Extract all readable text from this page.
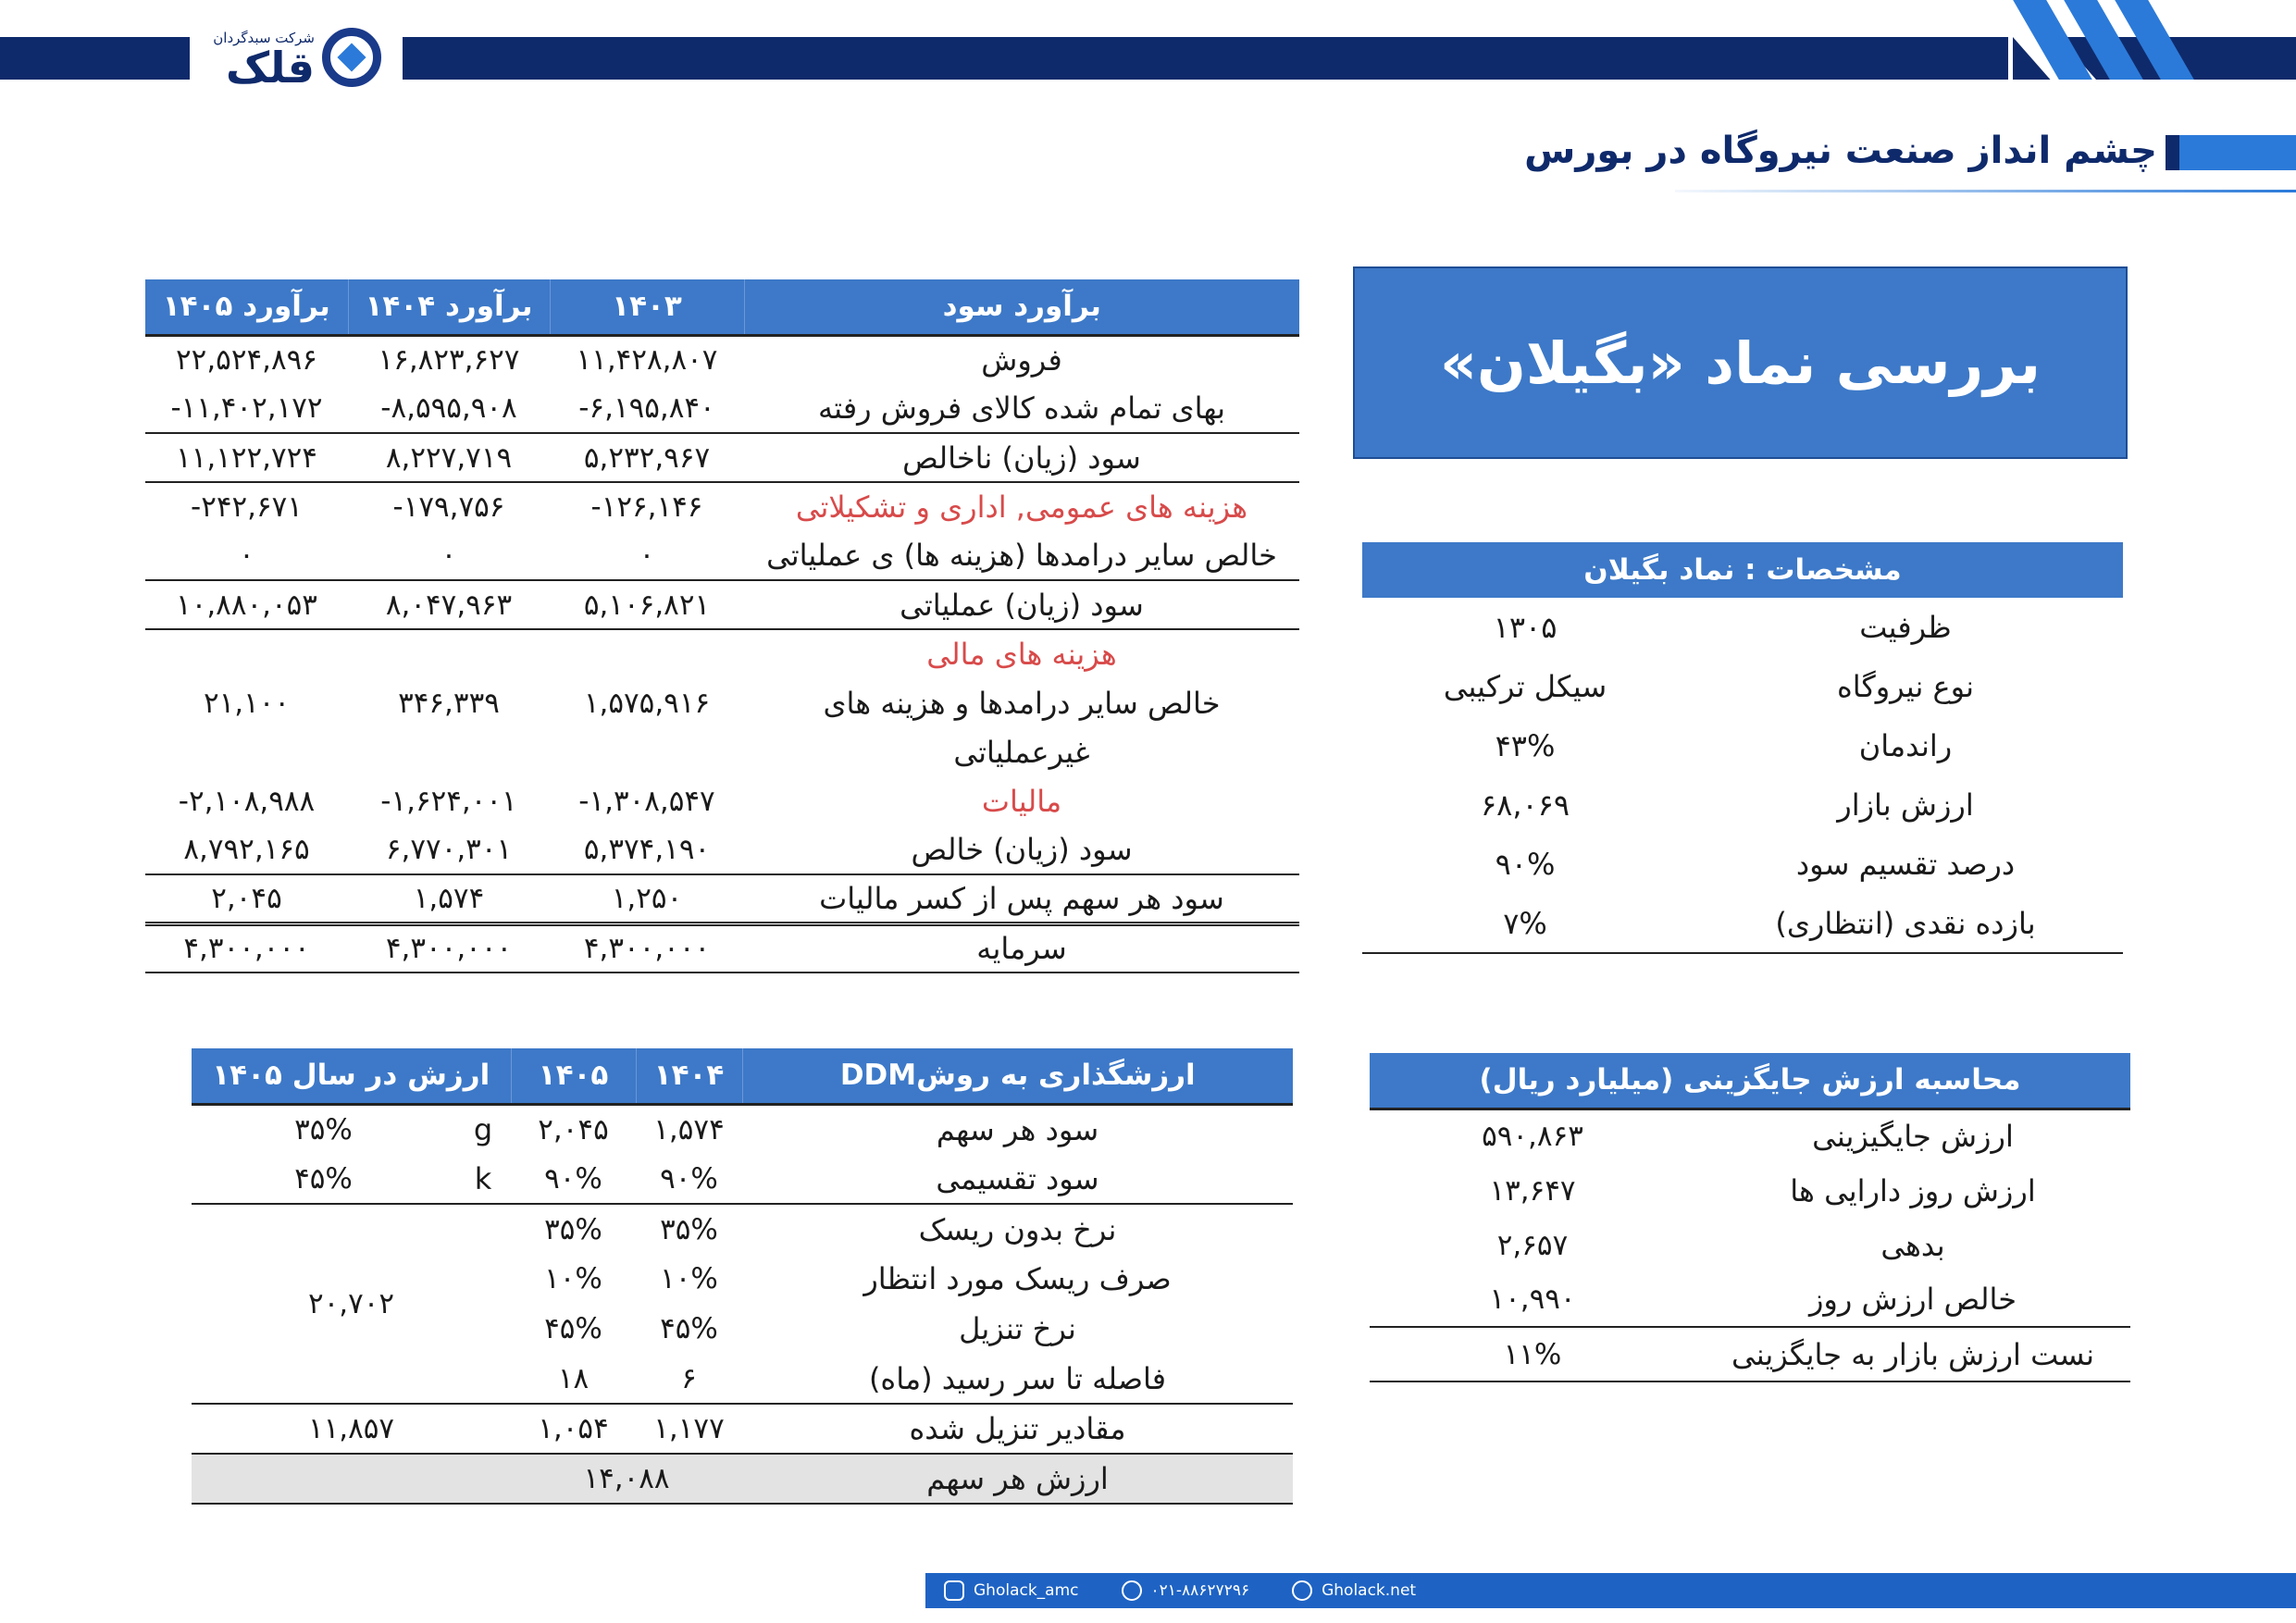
شرکت سبدگردان
قلک
چشم انداز صنعت نیروگاه در بورس
بررسی نماد «بگیلان»
برآورد سود	۱۴۰۳	برآورد ۱۴۰۴	برآورد ۱۴۰۵
فروش	۱۱,۴۲۸,۸۰۷	۱۶,۸۲۳,۶۲۷	۲۲,۵۲۴,۸۹۶
بهای تمام شده کالای فروش رفته	-۶,۱۹۵,۸۴۰	-۸,۵۹۵,۹۰۸	-۱۱,۴۰۲,۱۷۲
سود (زیان) ناخالص	۵,۲۳۲,۹۶۷	۸,۲۲۷,۷۱۹	۱۱,۱۲۲,۷۲۴
هزینه های عمومی, اداری و تشکیلاتی	-۱۲۶,۱۴۶	-۱۷۹,۷۵۶	-۲۴۲,۶۷۱
خالص سایر درامدها (هزینه ها) ی عملیاتی	۰	۰	۰
سود (زیان) عملیاتی	۵,۱۰۶,۸۲۱	۸,۰۴۷,۹۶۳	۱۰,۸۸۰,۰۵۳
هزینه های مالی			
خالص سایر درامدها و هزینه های	۱,۵۷۵,۹۱۶	۳۴۶,۳۳۹	۲۱,۱۰۰
غیرعملیاتی			
مالیات	-۱,۳۰۸,۵۴۷	-۱,۶۲۴,۰۰۱	-۲,۱۰۸,۹۸۸
سود (زیان) خالص	۵,۳۷۴,۱۹۰	۶,۷۷۰,۳۰۱	۸,۷۹۲,۱۶۵
سود هر سهم پس از کسر مالیات	۱,۲۵۰	۱,۵۷۴	۲,۰۴۵
سرمایه	۴,۳۰۰,۰۰۰	۴,۳۰۰,۰۰۰	۴,۳۰۰,۰۰۰
مشخصات : نماد بگیلان	
ظرفیت	۱۳۰۵
نوع نیروگاه	سیکل ترکیبی
راندمان	۴۳%
ارزش بازار	۶۸,۰۶۹
درصد تقسیم سود	۹۰%
بازده نقدی (انتظاری)	۷%
محاسبه ارزش جایگزینی (میلیارد ریال)	
ارزش جایگیزینی	۵۹۰,۸۶۳
ارزش روز دارایی ها	۱۳,۶۴۷
بدهی	۲,۶۵۷
خالص ارزش روز	۱۰,۹۹۰
نست ارزش بازار به جایگزینی	۱۱%
ارزشگذاری به روشDDM	۱۴۰۴	۱۴۰۵	ارزش در سال ۱۴۰۵	
سود هر سهم	۱,۵۷۴	۲,۰۴۵	g	۳۵%
سود تقسیمی	۹۰%	۹۰%	k	۴۵%
نرخ بدون ریسک	۳۵%	۳۵%	۲۰,۷۰۲	
صرف ریسک مورد انتظار	۱۰%	۱۰%		
نرخ تنزیل	۴۵%	۴۵%		
فاصله تا سر رسید (ماه)	۶	۱۸		
مقادیر تنزیل شده	۱,۱۷۷	۱,۰۵۴	۱۱,۸۵۷	
ارزش هر سهم	۱۴,۰۸۸			
Gholack_amc	۰۲۱-۸۸۶۲۷۲۹۶	Gholack.net
